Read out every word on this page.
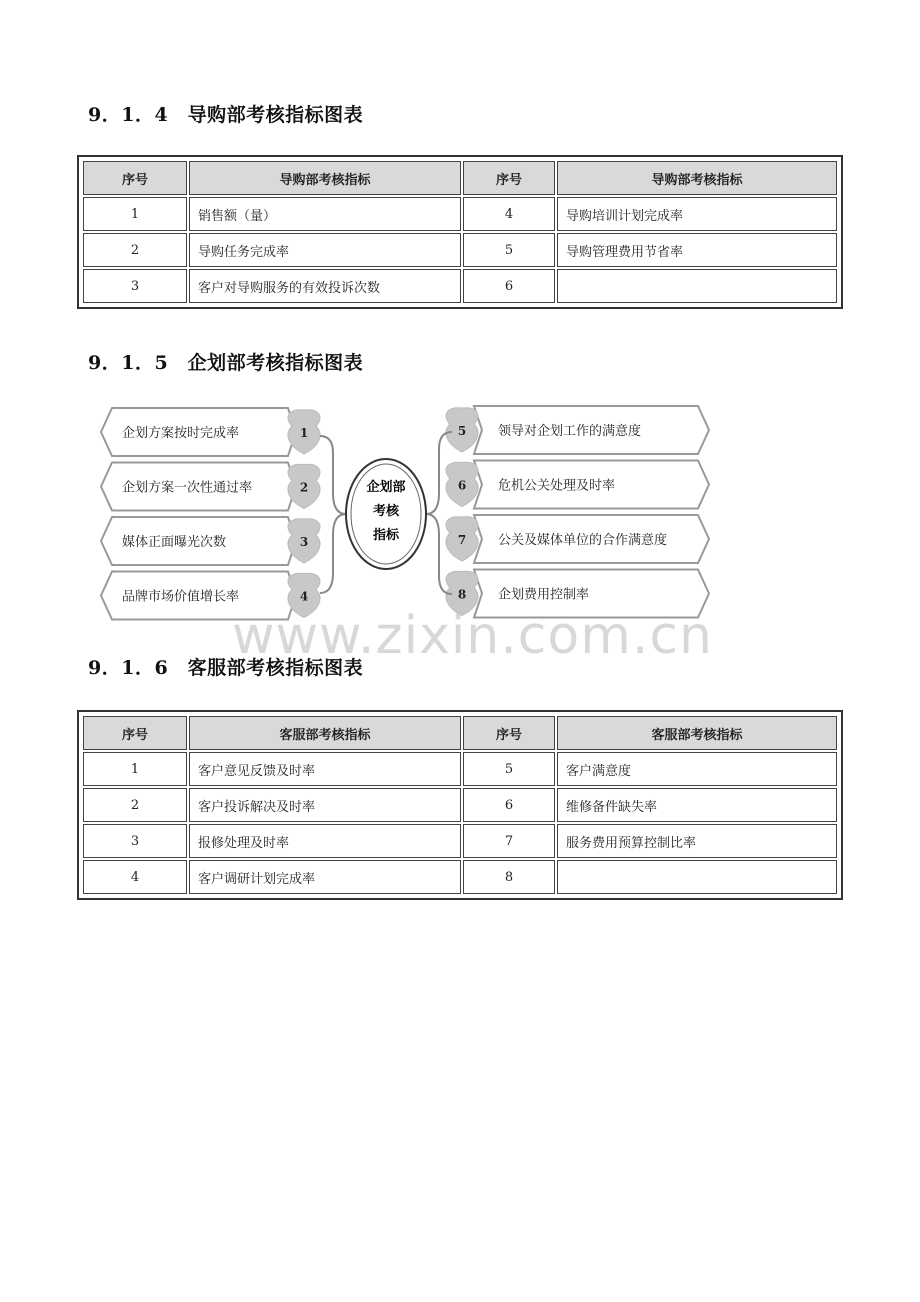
9．1．4　导购部考核指标图表
序号	导购部考核指标	序号	导购部考核指标
1	销售额（量）	4	导购培训计划完成率
2	导购任务完成率	5	导购管理费用节省率
3	客户对导购服务的有效投诉次数	6	
9．1．5　企划部考核指标图表
企划方案按时完成率	1
企划方案一次性通过率	2
媒体正面曝光次数	3
品牌市场价值增长率	4
领导对企划工作的满意度
5
危机公关处理及时率
6
公关及媒体单位的合作满意度
7
企划费用控制率
8
企划部
考核
指标
www.zixin.com.cn
9．1．6　客服部考核指标图表
序号	客服部考核指标	序号	客服部考核指标
1	客户意见反馈及时率	5	客户满意度
2	客户投诉解决及时率	6	维修备件缺失率
3	报修处理及时率	7	服务费用预算控制比率
4	客户调研计划完成率	8	
